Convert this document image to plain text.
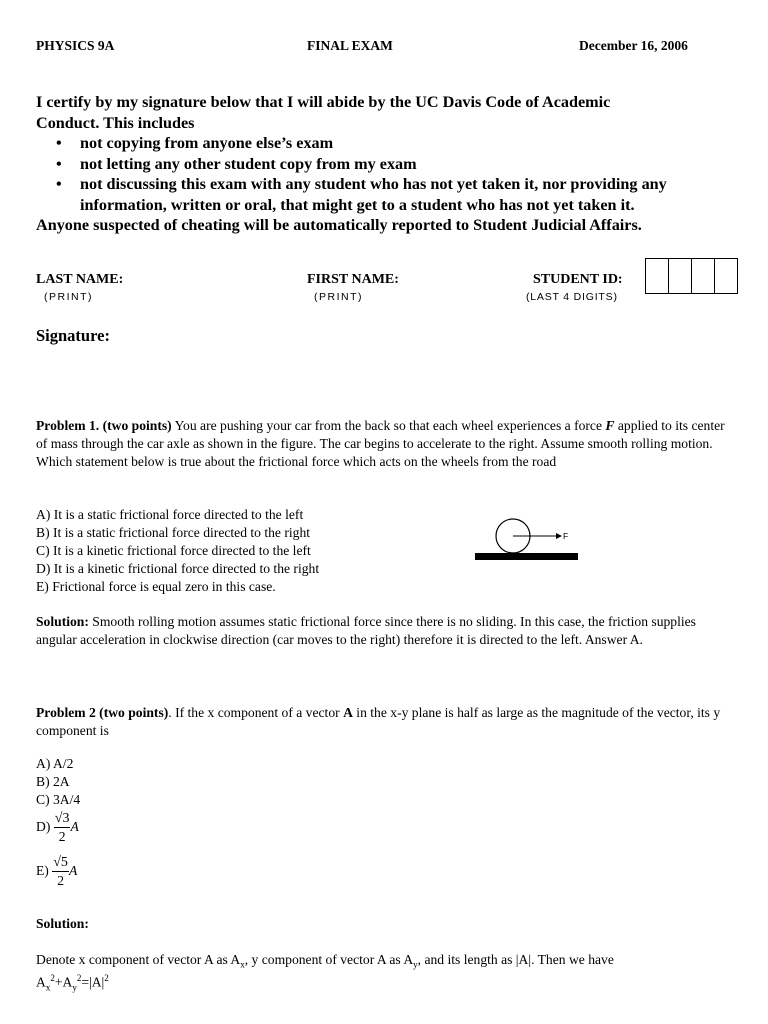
PHYSICS 9A	FINAL EXAM	December 16, 2006
I certify by my signature below that I will abide by the UC Davis Code of Academic
Conduct. This includes
• not copying from anyone else’s exam
• not letting any other student copy from my exam
• not discussing this exam with any student who has not yet taken it, nor providing any information, written or oral, that might get to a student who has not yet taken it.
Anyone suspected of cheating will be automatically reported to Student Judicial Affairs.
LAST NAME:
(PRINT)
FIRST NAME:
(PRINT)
STUDENT ID:
(LAST 4 DIGITS)
Signature:
Problem 1. (two points) You are pushing your car from the back so that each wheel experiences a force F applied to its center of mass through the car axle as shown in the figure. The car begins to accelerate to the right. Assume smooth rolling motion. Which statement below is true about the frictional force which acts on the wheels from the road
A) It is a static frictional force directed to the left
B) It is a static frictional force directed to the right
C) It is a kinetic frictional force directed to the left
D) It is a kinetic frictional force directed to the right
E) Frictional force is equal zero in this case.
F
Solution: Smooth rolling motion assumes static frictional force since there is no sliding. In this case, the friction supplies angular acceleration in clockwise direction (car moves to the right) therefore it is directed to the left. Answer A.
Problem 2 (two points). If the x component of a vector A in the x-y plane is half as large as the magnitude of the vector, its y component is
A) A/2
B) 2A
C) 3A/4
$D) \frac{√3}{2}$ A
$E) \frac{√5}{2}$ A
Solution:
Denote x component of vector A as $A_x$, y component of vector A as $A_y$, and its length as |A|. Then we have
$A_x^2+A_y^2=|A|^2$
